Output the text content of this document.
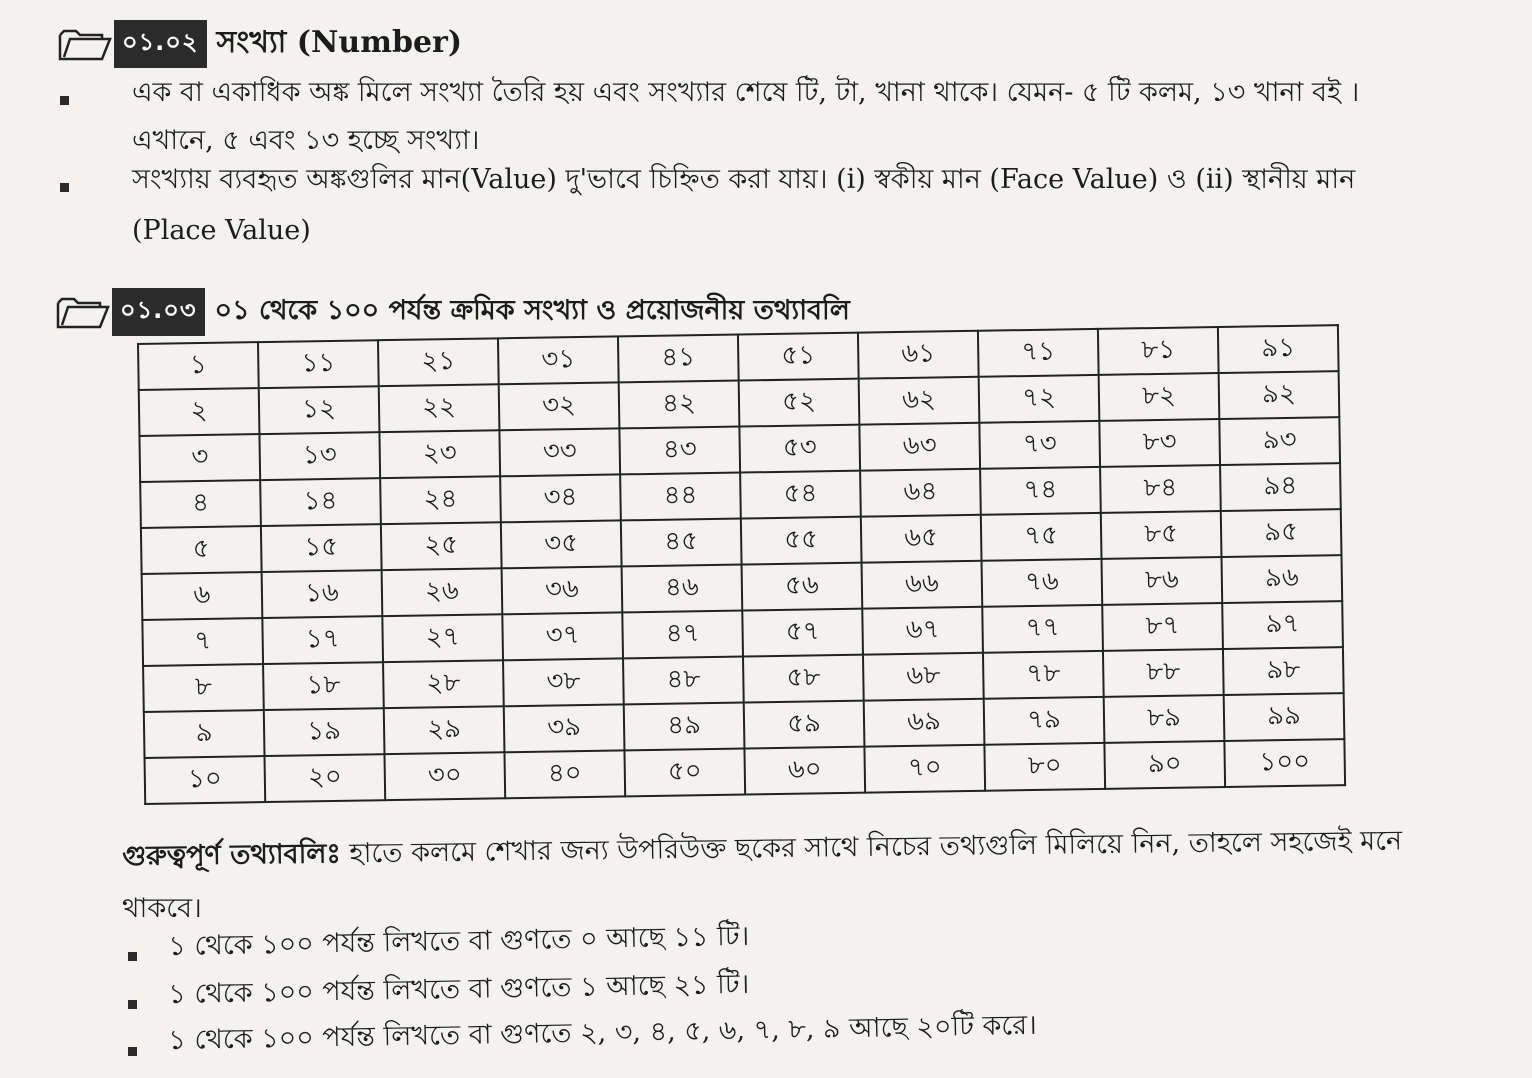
০১.০২ সংখ্যা (Number)
এক বা একাধিক অঙ্ক মিলে সংখ্যা তৈরি হয় এবং সংখ্যার শেষে টি, টা, খানা থাকে। যেমন- ৫ টি কলম, ১৩ খানা বই ।
এখানে, ৫ এবং ১৩ হচ্ছে সংখ্যা।
সংখ্যায় ব্যবহৃত অঙ্কগুলির মান(Value) দু'ভাবে চিহ্নিত করা যায়। (i) স্বকীয় মান (Face Value) ও (ii) স্থানীয় মান
(Place Value)
০১.০৩ ০১ থেকে ১০০ পর্যন্ত ক্রমিক সংখ্যা ও প্রয়োজনীয় তথ্যাবলি
১	১১	২১	৩১	৪১	৫১	৬১	৭১	৮১	৯১
২	১২	২২	৩২	৪২	৫২	৬২	৭২	৮২	৯২
৩	১৩	২৩	৩৩	৪৩	৫৩	৬৩	৭৩	৮৩	৯৩
৪	১৪	২৪	৩৪	৪৪	৫৪	৬৪	৭৪	৮৪	৯৪
৫	১৫	২৫	৩৫	৪৫	৫৫	৬৫	৭৫	৮৫	৯৫
৬	১৬	২৬	৩৬	৪৬	৫৬	৬৬	৭৬	৮৬	৯৬
৭	১৭	২৭	৩৭	৪৭	৫৭	৬৭	৭৭	৮৭	৯৭
৮	১৮	২৮	৩৮	৪৮	৫৮	৬৮	৭৮	৮৮	৯৮
৯	১৯	২৯	৩৯	৪৯	৫৯	৬৯	৭৯	৮৯	৯৯
১০	২০	৩০	৪০	৫০	৬০	৭০	৮০	৯০	১০০
গুরুত্বপূর্ণ তথ্যাবলিঃ হাতে কলমে শেখার জন্য উপরিউক্ত ছকের সাথে নিচের তথ্যগুলি মিলিয়ে নিন, তাহলে সহজেই মনে
থাকবে।
১ থেকে ১০০ পর্যন্ত লিখতে বা গুণতে ০ আছে ১১ টি।
১ থেকে ১০০ পর্যন্ত লিখতে বা গুণতে ১ আছে ২১ টি।
১ থেকে ১০০ পর্যন্ত লিখতে বা গুণতে ২, ৩, ৪, ৫, ৬, ৭, ৮, ৯ আছে ২০টি করে।
